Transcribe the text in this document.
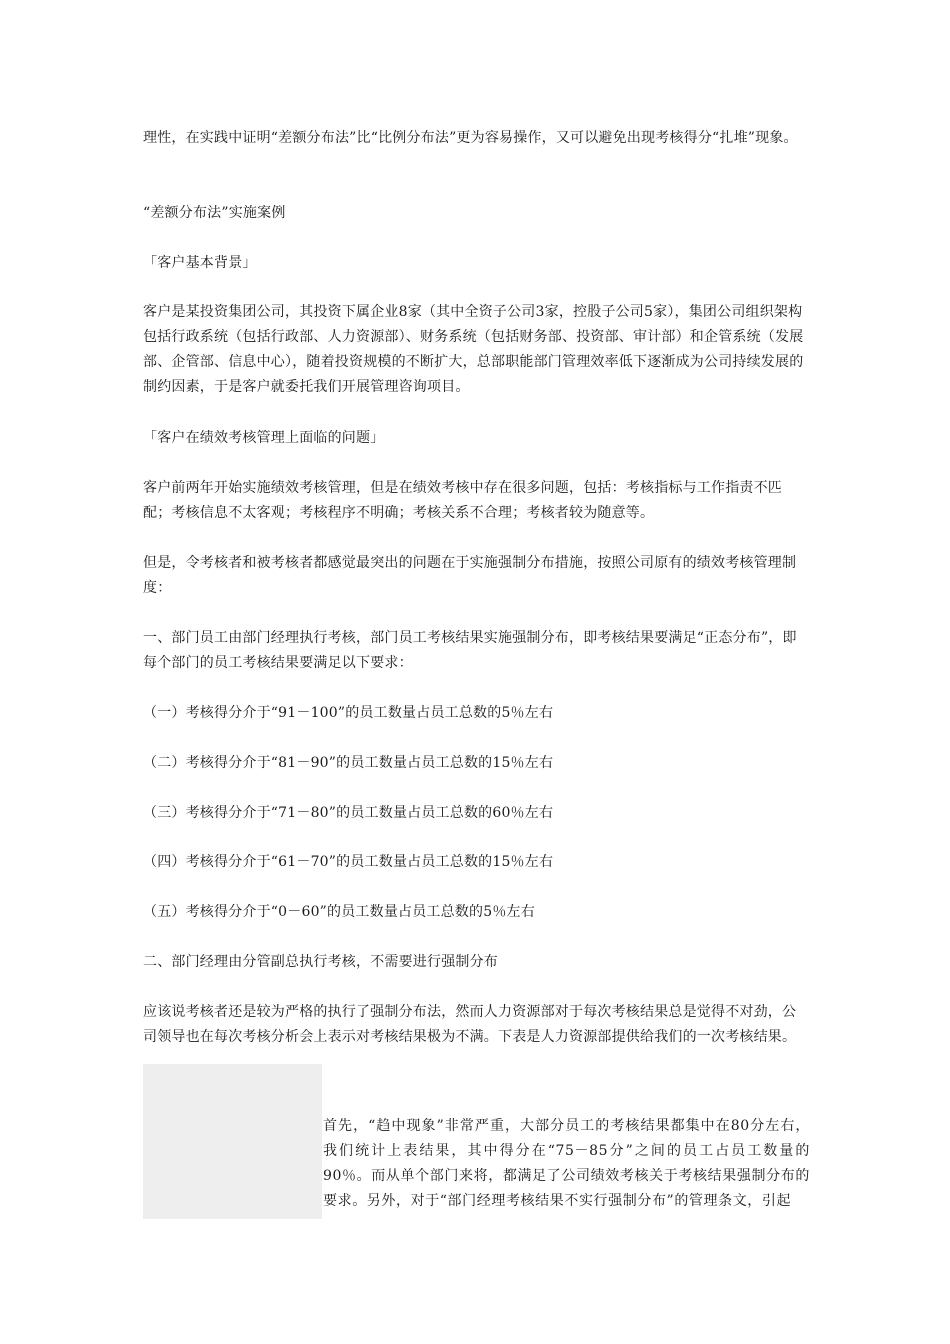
理性，在实践中证明“差额分布法”比“比例分布法”更为容易操作，又可以避免出现考核得分“扎堆”现象。
“差额分布法”实施案例
「客户基本背景」
客户是某投资集团公司，其投资下属企业8家（其中全资子公司3家，控股子公司5家），集团公司组织架构包括行政系统（包括行政部、人力资源部）、财务系统（包括财务部、投资部、审计部）和企管系统（发展部、企管部、信息中心），随着投资规模的不断扩大，总部职能部门管理效率低下逐渐成为公司持续发展的制约因素，于是客户就委托我们开展管理咨询项目。
「客户在绩效考核管理上面临的问题」
客户前两年开始实施绩效考核管理，但是在绩效考核中存在很多问题，包括：考核指标与工作指责不匹配；考核信息不太客观；考核程序不明确；考核关系不合理；考核者较为随意等。
但是，令考核者和被考核者都感觉最突出的问题在于实施强制分布措施，按照公司原有的绩效考核管理制度：
一、部门员工由部门经理执行考核，部门员工考核结果实施强制分布，即考核结果要满足“正态分布”，即每个部门的员工考核结果要满足以下要求：
（一）考核得分介于“91－100”的员工数量占员工总数的5％左右
（二）考核得分介于“81－90”的员工数量占员工总数的15％左右
（三）考核得分介于“71－80”的员工数量占员工总数的60％左右
（四）考核得分介于“61－70”的员工数量占员工总数的15％左右
（五）考核得分介于“0－60”的员工数量占员工总数的5％左右
二、部门经理由分管副总执行考核，不需要进行强制分布
应该说考核者还是较为严格的执行了强制分布法，然而人力资源部对于每次考核结果总是觉得不对劲，公司领导也在每次考核分析会上表示对考核结果极为不满。下表是人力资源部提供给我们的一次考核结果。
首先，“趋中现象”非常严重，大部分员工的考核结果都集中在80分左右，我们统计上表结果，其中得分在“75－85分”之间的员工占员工数量的90％。而从单个部门来将，都满足了公司绩效考核关于考核结果强制分布的要求。另外，对于“部门经理考核结果不实行强制分布”的管理条文，引起
